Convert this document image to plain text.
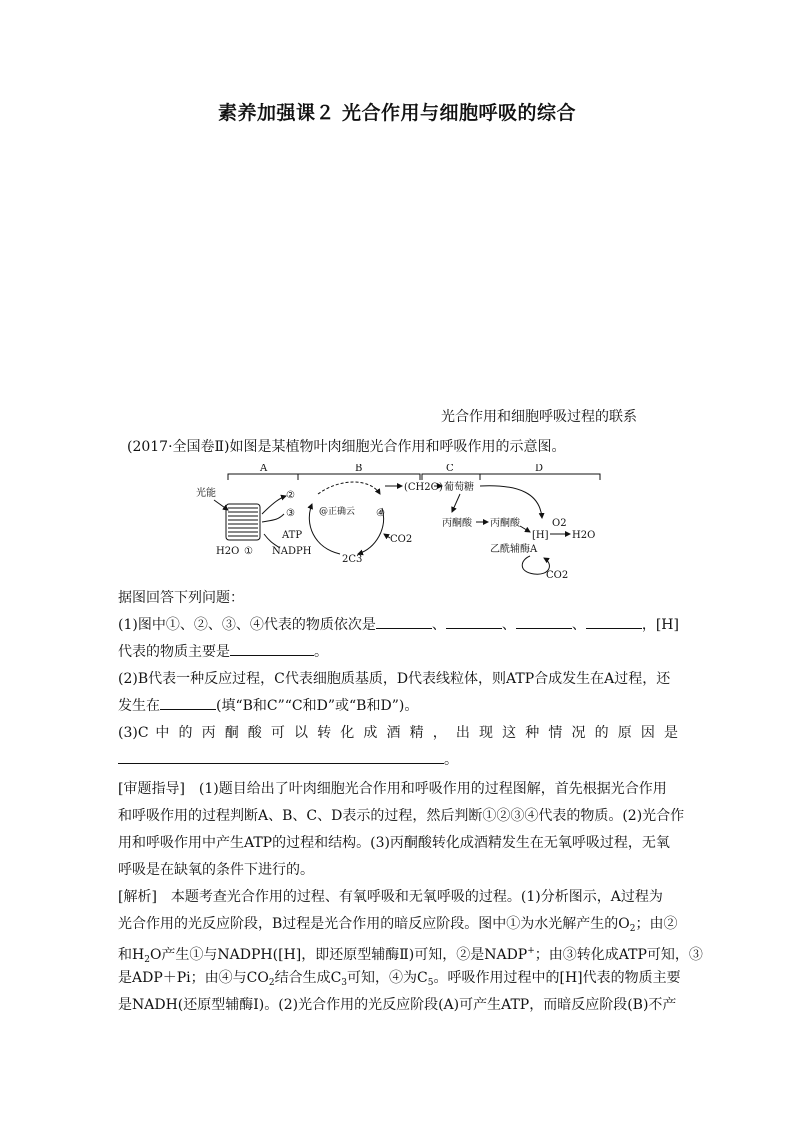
素养加强课２ 光合作用与细胞呼吸的综合
光合作用和细胞呼吸过程的联系
(2017·全国卷Ⅱ)如图是某植物叶肉细胞光合作用和呼吸作用的示意图。
A	B	C	D
光能
H2O ①
②
③
ATP
NADPH
@正确云 ④
CO2
2C3
(CH2O) 葡萄糖
丙酮酸 丙酮酸
[H]
O2
H2O
乙酰辅酶A
CO2
据图回答下列问题：
(1)图中①、②、③、④代表的物质依次是	、	、	、	，[H]
代表的物质主要是	。
(2)B代表一种反应过程，C代表细胞质基质，D代表线粒体，则ATP合成发生在A过程，还
发生在	(填“B和C”“C和D”或“B和D”)。
(3)C 中 的 丙 酮 酸 可 以 转 化 成 酒 精 ， 出 现 这 种 情 况 的 原 因 是
。
[审题指导]　(1)题目给出了叶肉细胞光合作用和呼吸作用的过程图解，首先根据光合作用
和呼吸作用的过程判断A、B、C、D表示的过程，然后判断①②③④代表的物质。(2)光合作
用和呼吸作用中产生ATP的过程和结构。(3)丙酮酸转化成酒精发生在无氧呼吸过程，无氧
呼吸是在缺氧的条件下进行的。
[解析]　本题考查光合作用的过程、有氧呼吸和无氧呼吸的过程。(1)分析图示，A过程为
光合作用的光反应阶段，B过程是光合作用的暗反应阶段。图中①为水光解产生的$O_2$；由②
和$H_2O$产生①与NADPH([H]，即还原型辅酶Ⅱ)可知，②是NADP+；由③转化成ATP可知，③
是ADP＋Pi；由④与$CO_2$结合生成$C_3$可知，④为$C_5$。呼吸作用过程中的[H]代表的物质主要
是NADH(还原型辅酶Ⅰ)。(2)光合作用的光反应阶段(A)可产生ATP，而暗反应阶段(B)不产
